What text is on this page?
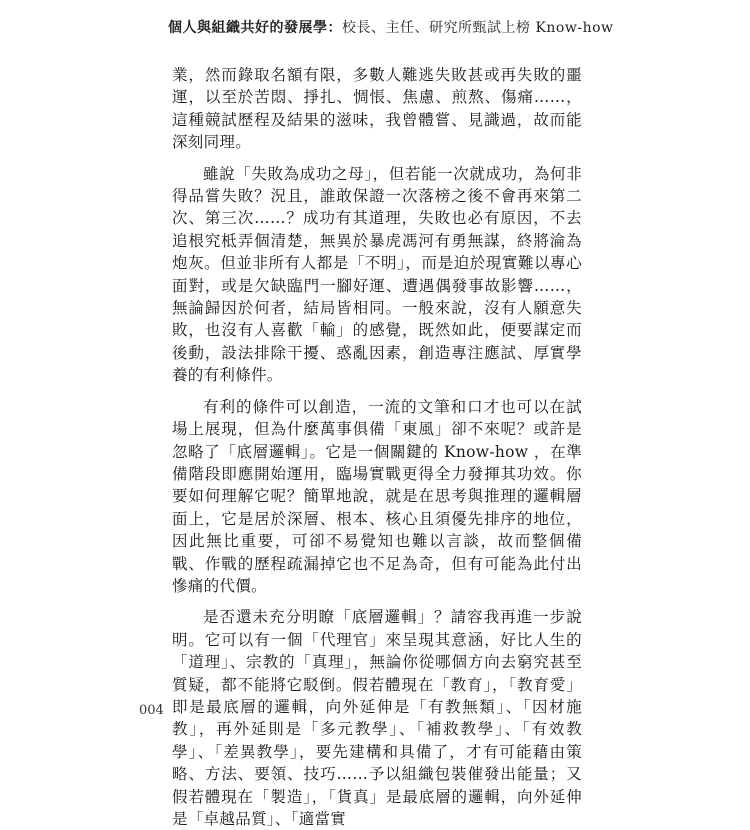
個人與組織共好的發展學：校長、主任、研究所甄試上榜 Know-how

業，然而錄取名額有限，多數人難逃失敗甚或再失敗的噩運，以至於苦悶、掙扎、惆悵、焦慮、煎熬、傷痛……，這種競試歷程及結果的滋味，我曾體嘗、見識過，故而能深刻同理。

雖說「失敗為成功之母」，但若能一次就成功，為何非得品嘗失敗？況且，誰敢保證一次落榜之後不會再來第二次、第三次……？成功有其道理，失敗也必有原因，不去追根究柢弄個清楚，無異於暴虎馮河有勇無謀，終將淪為炮灰。但並非所有人都是「不明」，而是迫於現實難以專心面對，或是欠缺臨門一腳好運、遭遇偶發事故影響……，無論歸因於何者，結局皆相同。一般來說，沒有人願意失敗，也沒有人喜歡「輸」的感覺，既然如此，便要謀定而後動，設法排除干擾、惑亂因素，創造專注應試、厚實學養的有利條件。

有利的條件可以創造，一流的文筆和口才也可以在試場上展現，但為什麼萬事俱備「東風」卻不來呢？或許是忽略了「底層邏輯」。它是一個關鍵的 Know-how ，在準備階段即應開始運用，臨場實戰更得全力發揮其功效。你要如何理解它呢？簡單地說，就是在思考與推理的邏輯層面上，它是居於深層、根本、核心且須優先排序的地位，因此無比重要，可卻不易覺知也難以言談，故而整個備戰、作戰的歷程疏漏掉它也不足為奇，但有可能為此付出慘痛的代價。

是否還未充分明瞭「底層邏輯」？請容我再進一步說明。它可以有一個「代理官」來呈現其意涵，好比人生的「道理」、宗教的「真理」，無論你從哪個方向去窮究甚至質疑，都不能將它駁倒。假若體現在「教育」，「教育愛」即是最底層的邏輯，向外延伸是「有教無類」、「因材施教」，再外延則是「多元教學」、「補救教學」、「有效教學」、「差異教學」，要先建構和具備了，才有可能藉由策略、方法、要領、技巧……予以組織包裝催發出能量；又假若體現在「製造」，「貨真」是最底層的邏輯，向外延伸是「卓越品質」、「適當實

004
